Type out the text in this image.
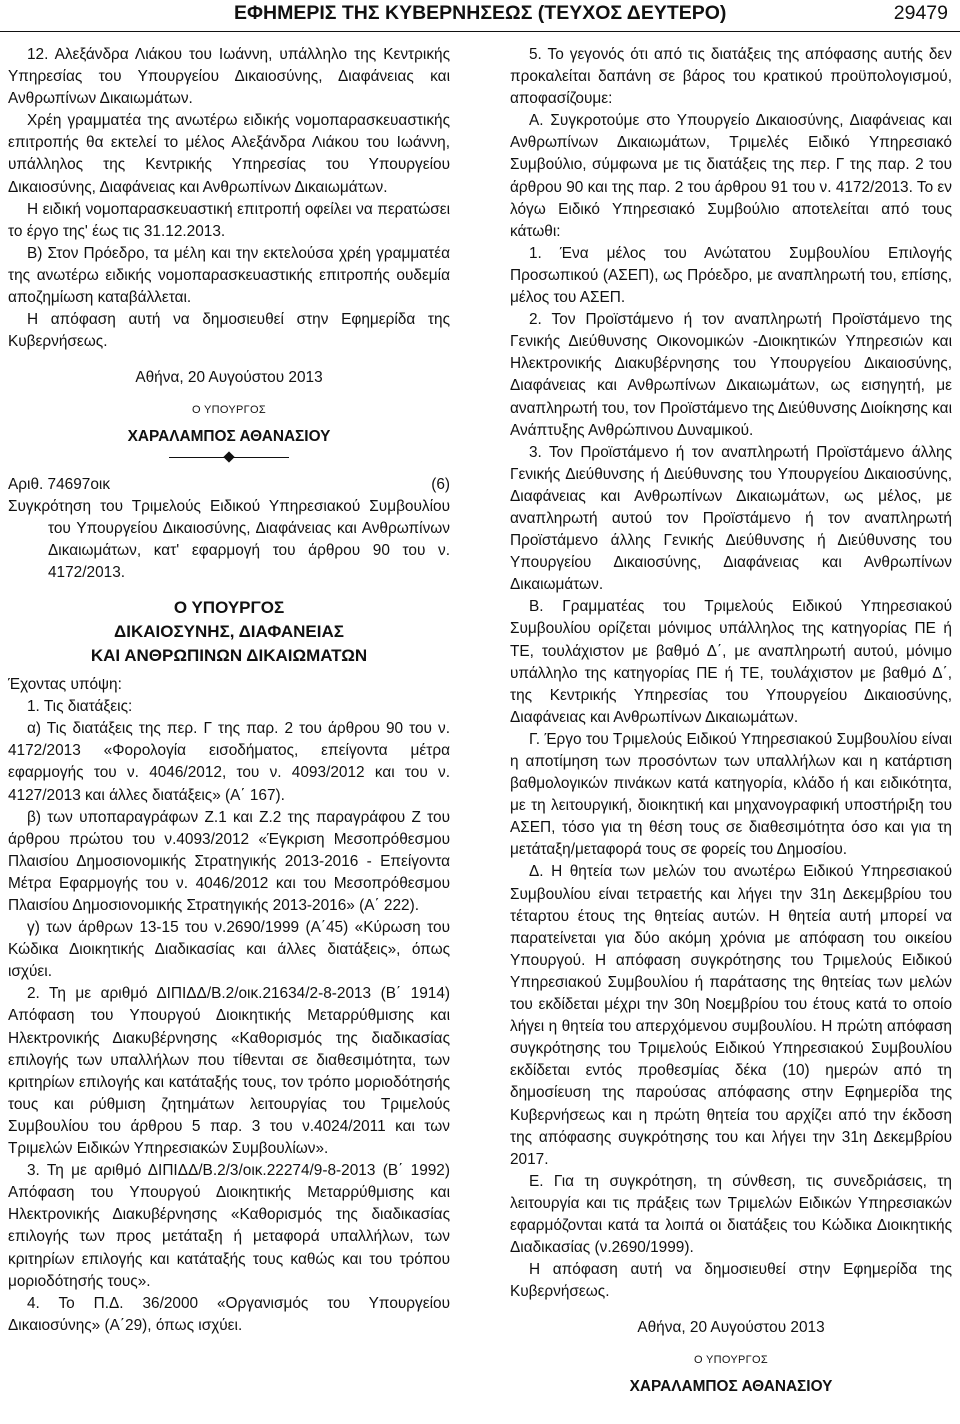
ΕΦΗΜΕΡΙΣ ΤΗΣ ΚΥΒΕΡΝΗΣΕΩΣ (ΤΕΥΧΟΣ ΔΕΥΤΕΡΟ)	29479

12. Αλεξάνδρα Λιάκου του Ιωάννη, υπάλληλο της Κεντρικής Υπηρεσίας του Υπουργείου Δικαιοσύνης, Διαφάνειας και Ανθρωπίνων Δικαιωμάτων.

Χρέη γραμματέα της ανωτέρω ειδικής νομοπαρασκευαστικής επιτροπής θα εκτελεί το μέλος Αλεξάνδρα Λιάκου του Ιωάννη, υπάλληλος της Κεντρικής Υπηρεσίας του Υπουργείου Δικαιοσύνης, Διαφάνειας και Ανθρωπίνων Δικαιωμάτων.

Η ειδική νομοπαρασκευαστική επιτροπή οφείλει να περατώσει το έργο της' έως τις 31.12.2013.

Β) Στον Πρόεδρο, τα μέλη και την εκτελούσα χρέη γραμματέα της ανωτέρω ειδικής νομοπαρασκευαστικής επιτροπής ουδεμία αποζημίωση καταβάλλεται.

Η απόφαση αυτή να δημοσιευθεί στην Εφημερίδα της Κυβερνήσεως.

Αθήνα, 20 Αυγούστου 2013

Ο ΥΠΟΥΡΓΟΣ

ΧΑΡΑΛΑΜΠΟΣ ΑΘΑΝΑΣΙΟΥ

Αριθ. 74697οικ	(6)

Συγκρότηση του Τριμελούς Ειδικού Υπηρεσιακού Συμβουλίου του Υπουργείου Δικαιοσύνης, Διαφάνειας και Ανθρωπίνων Δικαιωμάτων, κατ' εφαρμογή του άρθρου 90 του ν. 4172/2013.

Ο ΥΠΟΥΡΓΟΣ
ΔΙΚΑΙΟΣΥΝΗΣ, ΔΙΑΦΑΝΕΙΑΣ
ΚΑΙ ΑΝΘΡΩΠΙΝΩΝ ΔΙΚΑΙΩΜΑΤΩΝ

Έχοντας υπόψη:

1. Τις διατάξεις:

α) Τις διατάξεις της περ. Γ της παρ. 2 του άρθρου 90 του ν. 4172/2013 «Φορολογία εισοδήματος, επείγοντα μέτρα εφαρμογής του ν. 4046/2012, του ν. 4093/2012 και του ν. 4127/2013 και άλλες διατάξεις» (Α΄ 167).

β) των υποπαραγράφων Ζ.1 και Ζ.2 της παραγράφου Ζ του άρθρου πρώτου του ν.4093/2012 «Έγκριση Μεσοπρόθεσμου Πλαισίου Δημοσιονομικής Στρατηγικής 2013-2016 - Επείγοντα Μέτρα Εφαρμογής του ν. 4046/2012 και του Μεσοπρόθεσμου Πλαισίου Δημοσιονομικής Στρατηγικής 2013-2016» (Α΄ 222).

γ) των άρθρων 13-15 του ν.2690/1999 (Α΄45) «Κύρωση του Κώδικα Διοικητικής Διαδικασίας και άλλες διατάξεις», όπως ισχύει.

2. Τη με αριθμό ΔΙΠΙΔΔ/Β.2/οικ.21634/2-8-2013 (Β΄ 1914) Απόφαση του Υπουργού Διοικητικής Μεταρρύθμισης και Ηλεκτρονικής Διακυβέρνησης «Καθορισμός της διαδικασίας επιλογής των υπαλλήλων που τίθενται σε διαθεσιμότητα, των κριτηρίων επιλογής και κατάταξής τους, τον τρόπο μοριοδότησής τους και ρύθμιση ζητημάτων λειτουργίας του Τριμελούς Συμβουλίου του άρθρου 5 παρ. 3 του ν.4024/2011 και των Τριμελών Ειδικών Υπηρεσιακών Συμβουλίων».

3. Τη με αριθμό ΔΙΠΙΔΔ/Β.2/3/οικ.22274/9-8-2013 (Β΄ 1992) Απόφαση του Υπουργού Διοικητικής Μεταρρύθμισης και Ηλεκτρονικής Διακυβέρνησης «Καθορισμός της διαδικασίας επιλογής των προς μετάταξη ή μεταφορά υπαλλήλων, των κριτηρίων επιλογής και κατάταξής τους καθώς και του τρόπου μοριοδότησής τους».

4. Το Π.Δ. 36/2000 «Οργανισμός του Υπουργείου Δικαιοσύνης» (Α΄29), όπως ισχύει.

5. Το γεγονός ότι από τις διατάξεις της απόφασης αυτής δεν προκαλείται δαπάνη σε βάρος του κρατικού προϋπολογισμού, αποφασίζουμε:

Α. Συγκροτούμε στο Υπουργείο Δικαιοσύνης, Διαφάνειας και Ανθρωπίνων Δικαιωμάτων, Τριμελές Ειδικό Υπηρεσιακό Συμβούλιο, σύμφωνα με τις διατάξεις της περ. Γ της παρ. 2 του άρθρου 90 και της παρ. 2 του άρθρου 91 του ν. 4172/2013. Το εν λόγω Ειδικό Υπηρεσιακό Συμβούλιο αποτελείται από τους κάτωθι:

1. Ένα μέλος του Ανώτατου Συμβουλίου Επιλογής Προσωπικού (ΑΣΕΠ), ως Πρόεδρο, με αναπληρωτή του, επίσης, μέλος του ΑΣΕΠ.

2. Τον Προϊστάμενο ή τον αναπληρωτή Προϊστάμενο της Γενικής Διεύθυνσης Οικονομικών -Διοικητικών Υπηρεσιών και Ηλεκτρονικής Διακυβέρνησης του Υπουργείου Δικαιοσύνης, Διαφάνειας και Ανθρωπίνων Δικαιωμάτων, ως εισηγητή, με αναπληρωτή του, τον Προϊστάμενο της Διεύθυνσης Διοίκησης και Ανάπτυξης Ανθρώπινου Δυναμικού.

3. Τον Προϊστάμενο ή τον αναπληρωτή Προϊστάμενο άλλης Γενικής Διεύθυνσης ή Διεύθυνσης του Υπουργείου Δικαιοσύνης, Διαφάνειας και Ανθρωπίνων Δικαιωμάτων, ως μέλος, με αναπληρωτή αυτού τον Προϊστάμενο ή τον αναπληρωτή Προϊστάμενο άλλης Γενικής Διεύθυνσης ή Διεύθυνσης του Υπουργείου Δικαιοσύνης, Διαφάνειας και Ανθρωπίνων Δικαιωμάτων.

Β. Γραμματέας του Τριμελούς Ειδικού Υπηρεσιακού Συμβουλίου ορίζεται μόνιμος υπάλληλος της κατηγορίας ΠΕ ή ΤΕ, τουλάχιστον με βαθμό Δ΄, με αναπληρωτή αυτού, μόνιμο υπάλληλο της κατηγορίας ΠΕ ή ΤΕ, τουλάχιστον με βαθμό Δ΄, της Κεντρικής Υπηρεσίας του Υπουργείου Δικαιοσύνης, Διαφάνειας και Ανθρωπίνων Δικαιωμάτων.

Γ. Έργο του Τριμελούς Ειδικού Υπηρεσιακού Συμβουλίου είναι η αποτίμηση των προσόντων των υπαλλήλων και η κατάρτιση βαθμολογικών πινάκων κατά κατηγορία, κλάδο ή και ειδικότητα, με τη λειτουργική, διοικητική και μηχανογραφική υποστήριξη του ΑΣΕΠ, τόσο για τη θέση τους σε διαθεσιμότητα όσο και για τη μετάταξη/μεταφορά τους σε φορείς του Δημοσίου.

Δ. Η θητεία των μελών του ανωτέρω Ειδικού Υπηρεσιακού Συμβουλίου είναι τετραετής και λήγει την 31η Δεκεμβρίου του τέταρτου έτους της θητείας αυτών. Η θητεία αυτή μπορεί να παρατείνεται για δύο ακόμη χρόνια με απόφαση του οικείου Υπουργού. Η απόφαση συγκρότησης του Τριμελούς Ειδικού Υπηρεσιακού Συμβουλίου ή παράτασης της θητείας των μελών του εκδίδεται μέχρι την 30η Νοεμβρίου του έτους κατά το οποίο λήγει η θητεία του απερχόμενου συμβουλίου. Η πρώτη απόφαση συγκρότησης του Τριμελούς Ειδικού Υπηρεσιακού Συμβουλίου εκδίδεται εντός προθεσμίας δέκα (10) ημερών από τη δημοσίευση της παρούσας απόφασης στην Εφημερίδα της Κυβερνήσεως και η πρώτη θητεία του αρχίζει από την έκδοση της απόφασης συγκρότησης του και λήγει την 31η Δεκεμβρίου 2017.

Ε. Για τη συγκρότηση, τη σύνθεση, τις συνεδριάσεις, τη λειτουργία και τις πράξεις των Τριμελών Ειδικών Υπηρεσιακών εφαρμόζονται κατά τα λοιπά οι διατάξεις του Κώδικα Διοικητικής Διαδικασίας (ν.2690/1999).

Η απόφαση αυτή να δημοσιευθεί στην Εφημερίδα της Κυβερνήσεως.

Αθήνα, 20 Αυγούστου 2013

Ο ΥΠΟΥΡΓΟΣ

ΧΑΡΑΛΑΜΠΟΣ ΑΘΑΝΑΣΙΟΥ
